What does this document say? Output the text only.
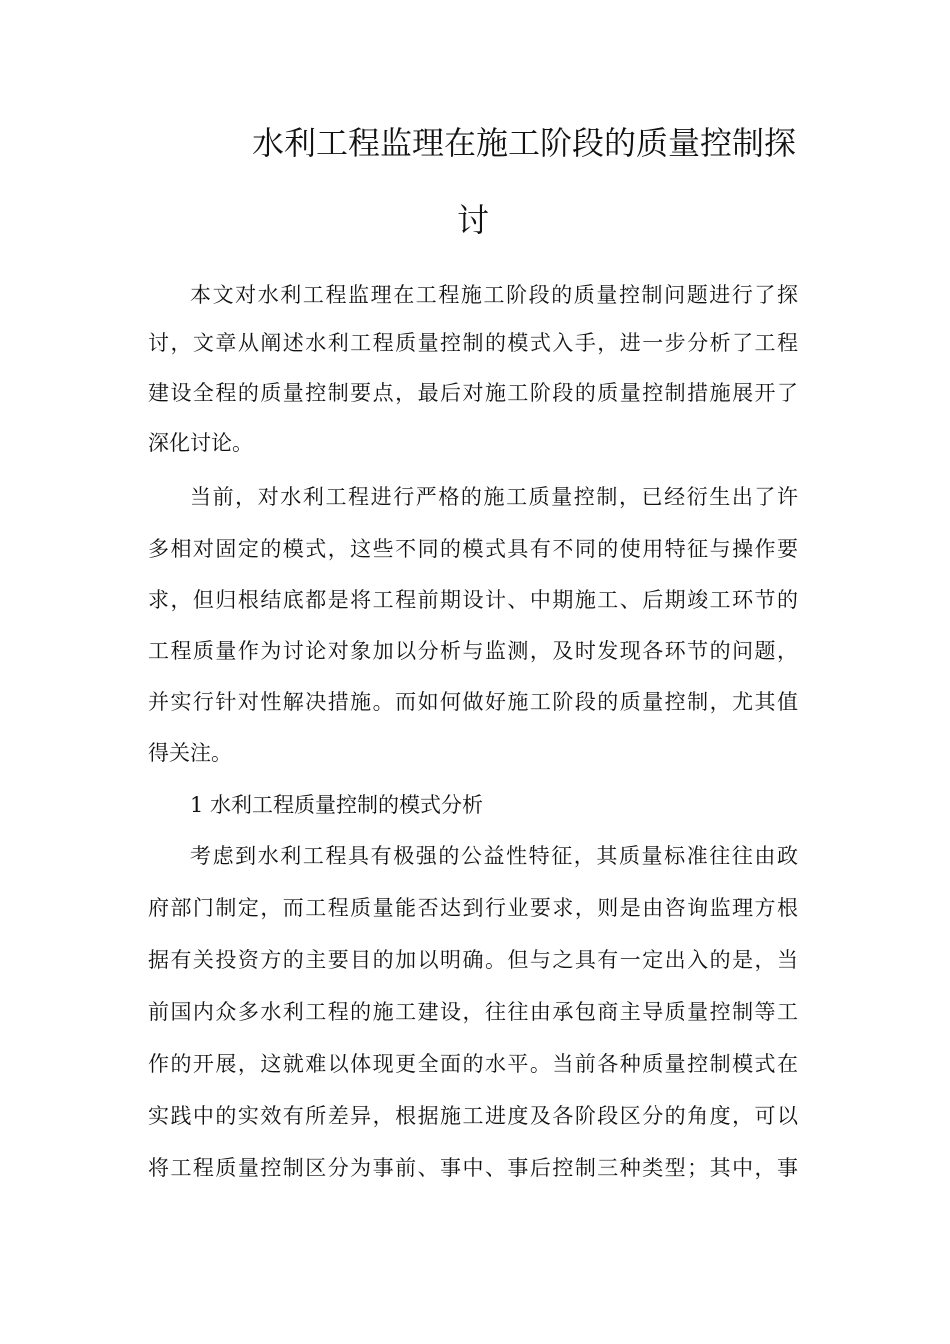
水利工程监理在施工阶段的质量控制探
讨
本文对水利工程监理在工程施工阶段的质量控制问题进行了探
讨，文章从阐述水利工程质量控制的模式入手，进一步分析了工程
建设全程的质量控制要点，最后对施工阶段的质量控制措施展开了
深化讨论。
当前，对水利工程进行严格的施工质量控制，已经衍生出了许
多相对固定的模式，这些不同的模式具有不同的使用特征与操作要
求，但归根结底都是将工程前期设计、中期施工、后期竣工环节的
工程质量作为讨论对象加以分析与监测，及时发现各环节的问题，
并实行针对性解决措施。而如何做好施工阶段的质量控制，尤其值
得关注。
1 水利工程质量控制的模式分析
考虑到水利工程具有极强的公益性特征，其质量标准往往由政
府部门制定，而工程质量能否达到行业要求，则是由咨询监理方根
据有关投资方的主要目的加以明确。但与之具有一定出入的是，当
前国内众多水利工程的施工建设，往往由承包商主导质量控制等工
作的开展，这就难以体现更全面的水平。当前各种质量控制模式在
实践中的实效有所差异，根据施工进度及各阶段区分的角度，可以
将工程质量控制区分为事前、事中、事后控制三种类型；其中，事
